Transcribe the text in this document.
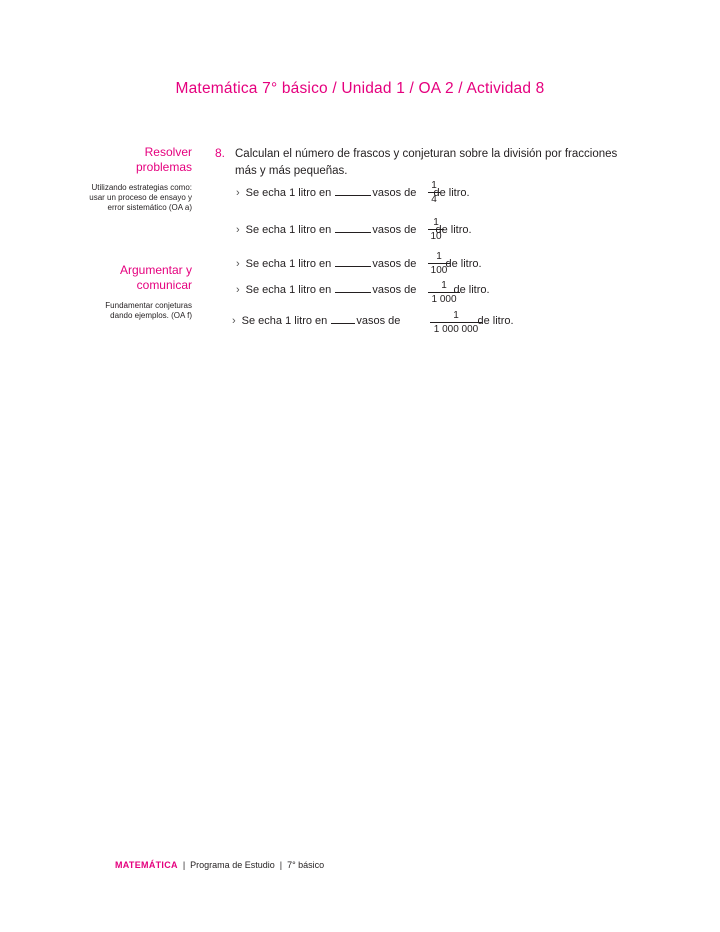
Matemática 7° básico / Unidad 1 / OA 2 / Actividad 8
Resolver
problemas
Utilizando estrategias como: usar un proceso de ensayo y error sistemático (OA a)
Argumentar y
comunicar
Fundamentar conjeturas dando ejemplos. (OA f)
8. Calculan el número de frascos y conjeturan sobre la división por fracciones más y más pequeñas.
› Se echa 1 litro en	vasos de de litro.
1
4
› Se echa 1 litro en	vasos de de litro.
1
10
› Se echa 1 litro en	vasos de	de litro.
1
100
› Se echa 1 litro en	vasos de	de litro.
1
1 000
› Se echa 1 litro en	vasos de	de litro.
1
1 000 000
MATEMÁTICA | Programa de Estudio | 7° básico
